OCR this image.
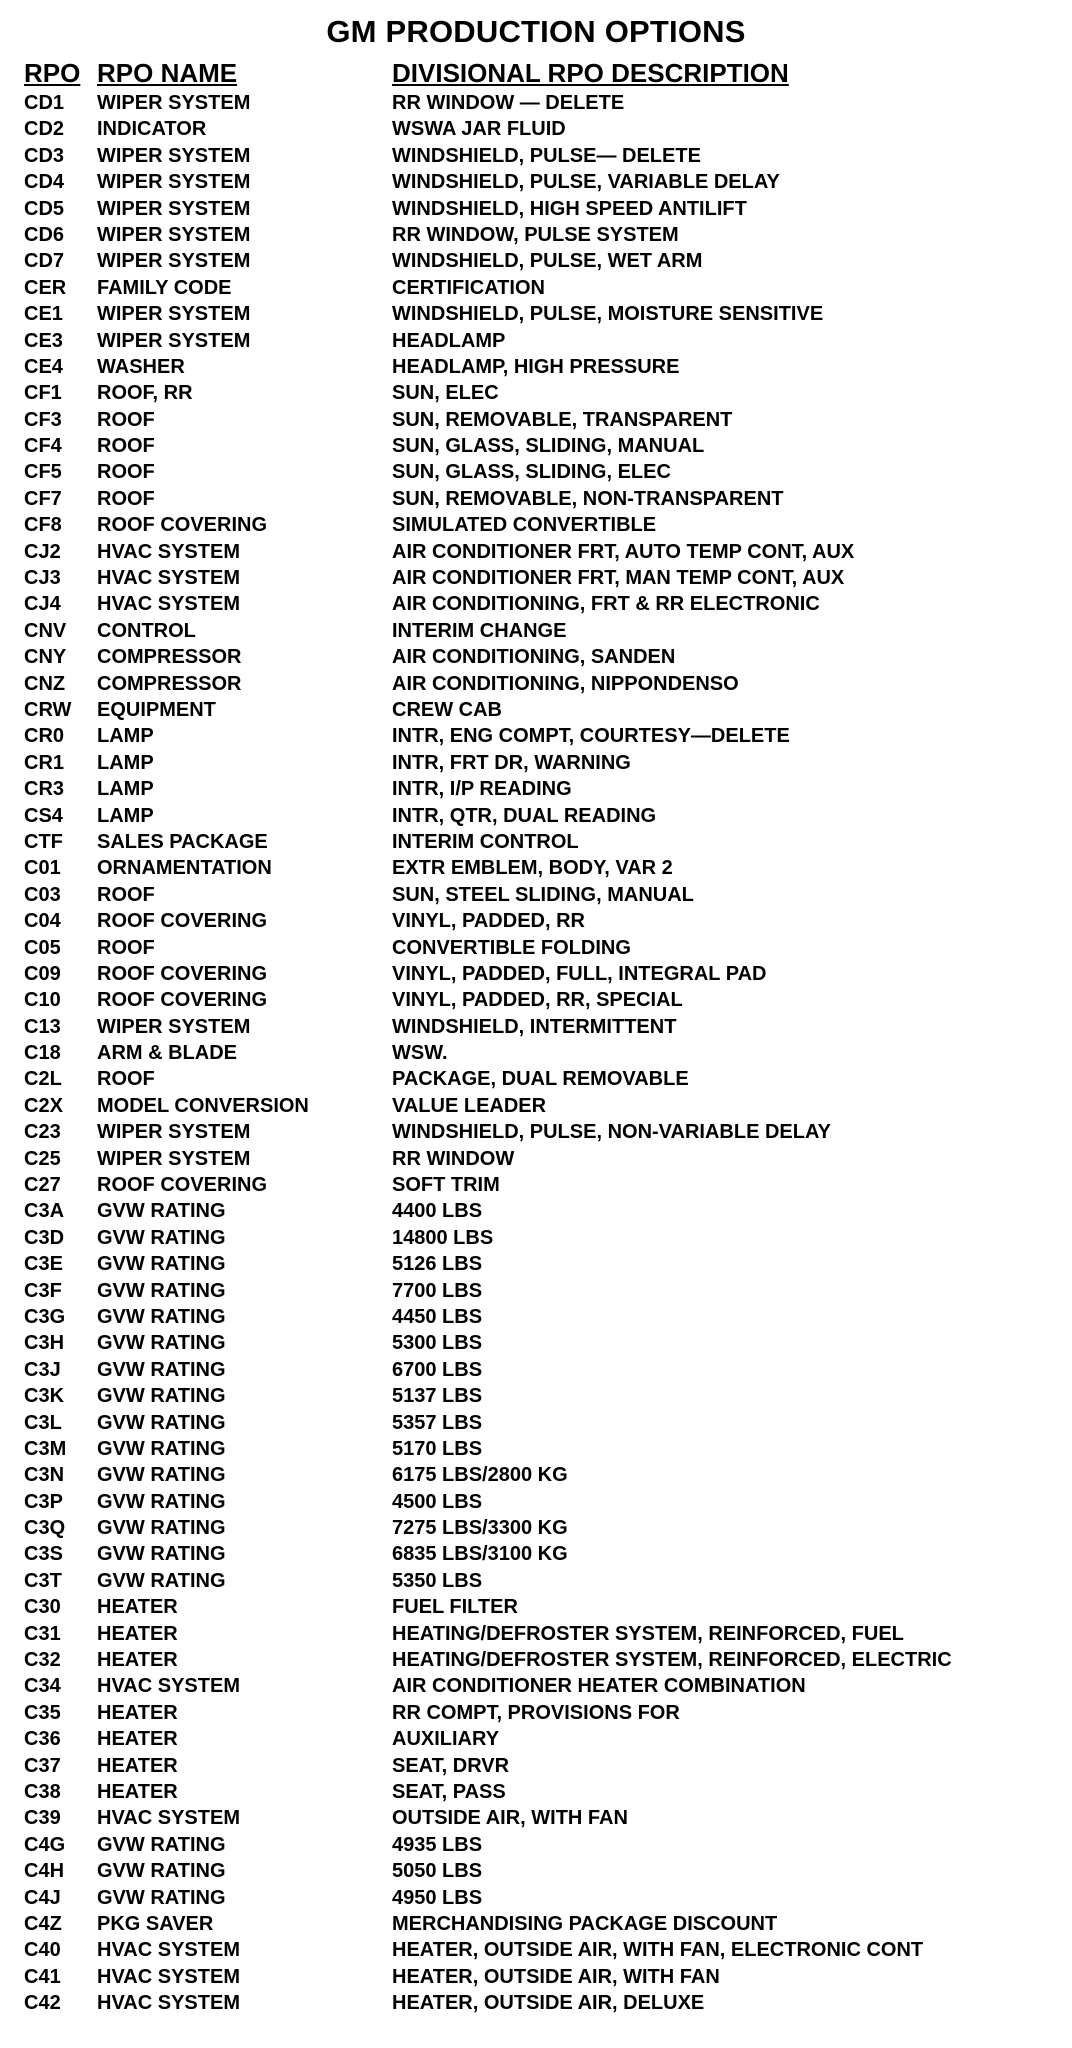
GM PRODUCTION OPTIONS
RPO RPO NAME	DIVISIONAL RPO DESCRIPTION
CD1 WIPER SYSTEM	RR WINDOW — DELETE
CD2 INDICATOR	WSWA JAR FLUID
CD3 WIPER SYSTEM	WINDSHIELD, PULSE— DELETE
CD4 WIPER SYSTEM	WINDSHIELD, PULSE, VARIABLE DELAY
CD5 WIPER SYSTEM	WINDSHIELD, HIGH SPEED ANTILIFT
CD6 WIPER SYSTEM	RR WINDOW, PULSE SYSTEM
CD7 WIPER SYSTEM	WINDSHIELD, PULSE, WET ARM
CER FAMILY CODE	CERTIFICATION
CE1 WIPER SYSTEM	WINDSHIELD, PULSE, MOISTURE SENSITIVE
CE3 WIPER SYSTEM	HEADLAMP
CE4 WASHER	HEADLAMP, HIGH PRESSURE
CF1 ROOF, RR	SUN, ELEC
CF3 ROOF	SUN, REMOVABLE, TRANSPARENT
CF4 ROOF	SUN, GLASS, SLIDING, MANUAL
CF5 ROOF	SUN, GLASS, SLIDING, ELEC
CF7 ROOF	SUN, REMOVABLE, NON-TRANSPARENT
CF8 ROOF COVERING	SIMULATED CONVERTIBLE
CJ2 HVAC SYSTEM	AIR CONDITIONER FRT, AUTO TEMP CONT, AUX
CJ3 HVAC SYSTEM	AIR CONDITIONER FRT, MAN TEMP CONT, AUX
CJ4 HVAC SYSTEM	AIR CONDITIONING, FRT & RR ELECTRONIC
CNV CONTROL	INTERIM CHANGE
CNY COMPRESSOR	AIR CONDITIONING, SANDEN
CNZ COMPRESSOR	AIR CONDITIONING, NIPPONDENSO
CRW EQUIPMENT	CREW CAB
CR0 LAMP	INTR, ENG COMPT, COURTESY—DELETE
CR1 LAMP	INTR, FRT DR, WARNING
CR3 LAMP	INTR, I/P READING
CS4 LAMP	INTR, QTR, DUAL READING
CTF SALES PACKAGE	INTERIM CONTROL
C01 ORNAMENTATION	EXTR EMBLEM, BODY, VAR 2
C03 ROOF	SUN, STEEL SLIDING, MANUAL
C04 ROOF COVERING	VINYL, PADDED, RR
C05 ROOF	CONVERTIBLE FOLDING
C09 ROOF COVERING	VINYL, PADDED, FULL, INTEGRAL PAD
C10 ROOF COVERING	VINYL, PADDED, RR, SPECIAL
C13 WIPER SYSTEM	WINDSHIELD, INTERMITTENT
C18 ARM & BLADE	WSW.
C2L ROOF	PACKAGE, DUAL REMOVABLE
C2X MODEL CONVERSION	VALUE LEADER
C23 WIPER SYSTEM	WINDSHIELD, PULSE, NON-VARIABLE DELAY
C25 WIPER SYSTEM	RR WINDOW
C27 ROOF COVERING	SOFT TRIM
C3A GVW RATING	4400 LBS
C3D GVW RATING	14800 LBS
C3E GVW RATING	5126 LBS
C3F GVW RATING	7700 LBS
C3G GVW RATING	4450 LBS
C3H GVW RATING	5300 LBS
C3J GVW RATING	6700 LBS
C3K GVW RATING	5137 LBS
C3L GVW RATING	5357 LBS
C3M GVW RATING	5170 LBS
C3N GVW RATING	6175 LBS/2800 KG
C3P GVW RATING	4500 LBS
C3Q GVW RATING	7275 LBS/3300 KG
C3S GVW RATING	6835 LBS/3100 KG
C3T GVW RATING	5350 LBS
C30 HEATER	FUEL FILTER
C31 HEATER	HEATING/DEFROSTER SYSTEM, REINFORCED, FUEL
C32 HEATER	HEATING/DEFROSTER SYSTEM, REINFORCED, ELECTRIC
C34 HVAC SYSTEM	AIR CONDITIONER HEATER COMBINATION
C35 HEATER	RR COMPT, PROVISIONS FOR
C36 HEATER	AUXILIARY
C37 HEATER	SEAT, DRVR
C38 HEATER	SEAT, PASS
C39 HVAC SYSTEM	OUTSIDE AIR, WITH FAN
C4G GVW RATING	4935 LBS
C4H GVW RATING	5050 LBS
C4J GVW RATING	4950 LBS
C4Z PKG SAVER	MERCHANDISING PACKAGE DISCOUNT
C40 HVAC SYSTEM	HEATER, OUTSIDE AIR, WITH FAN, ELECTRONIC CONT
C41 HVAC SYSTEM	HEATER, OUTSIDE AIR, WITH FAN
C42 HVAC SYSTEM	HEATER, OUTSIDE AIR, DELUXE
